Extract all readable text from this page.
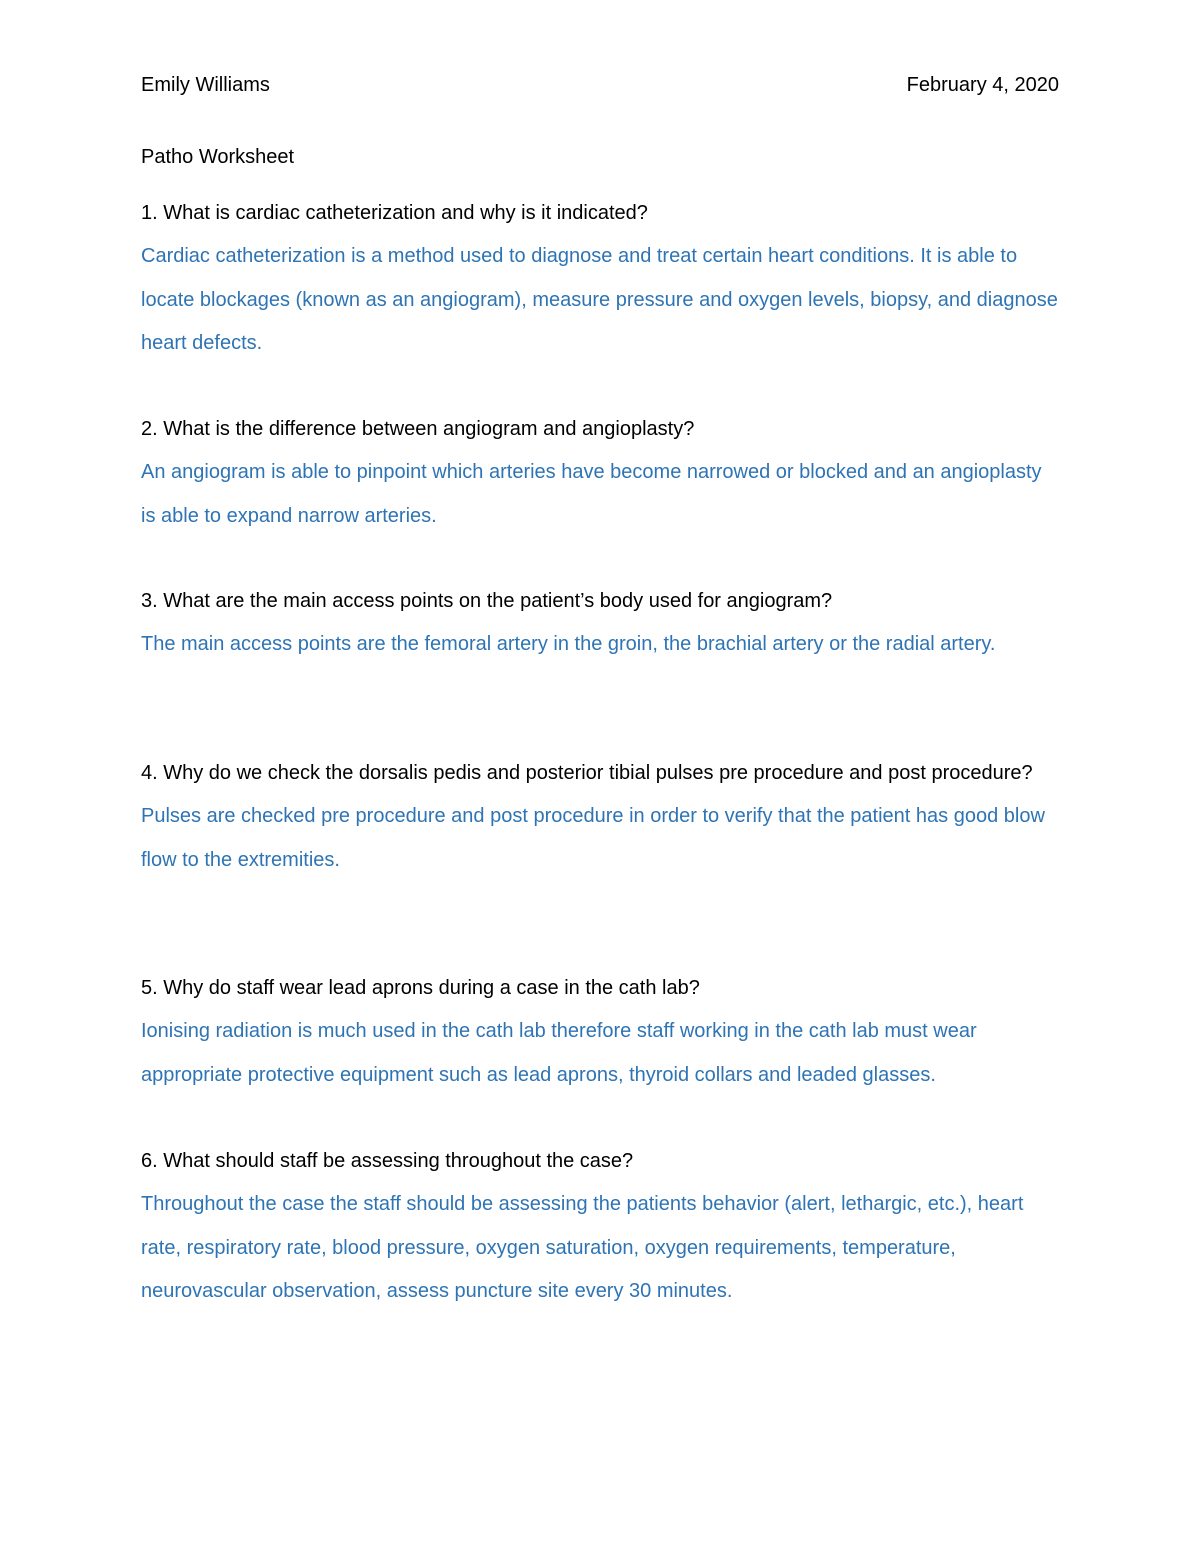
Emily Williams	February 4, 2020
Patho Worksheet

1. What is cardiac catheterization and why is it indicated?

Cardiac catheterization is a method used to diagnose and treat certain heart conditions. It is able to locate blockages (known as an angiogram), measure pressure and oxygen levels, biopsy, and diagnose heart defects.

2. What is the difference between angiogram and angioplasty?

An angiogram is able to pinpoint which arteries have become narrowed or blocked and an angioplasty is able to expand narrow arteries.

3. What are the main access points on the patient’s body used for angiogram?

The main access points are the femoral artery in the groin, the brachial artery or the radial artery.

4. Why do we check the dorsalis pedis and posterior tibial pulses pre procedure and post procedure?

Pulses are checked pre procedure and post procedure in order to verify that the patient has good blow flow to the extremities.

5. Why do staff wear lead aprons during a case in the cath lab?

Ionising radiation is much used in the cath lab therefore staff working in the cath lab must wear appropriate protective equipment such as lead aprons, thyroid collars and leaded glasses.

6. What should staff be assessing throughout the case?

Throughout the case the staff should be assessing the patients behavior (alert, lethargic, etc.), heart rate, respiratory rate, blood pressure, oxygen saturation, oxygen requirements, temperature, neurovascular observation, assess puncture site every 30 minutes.
